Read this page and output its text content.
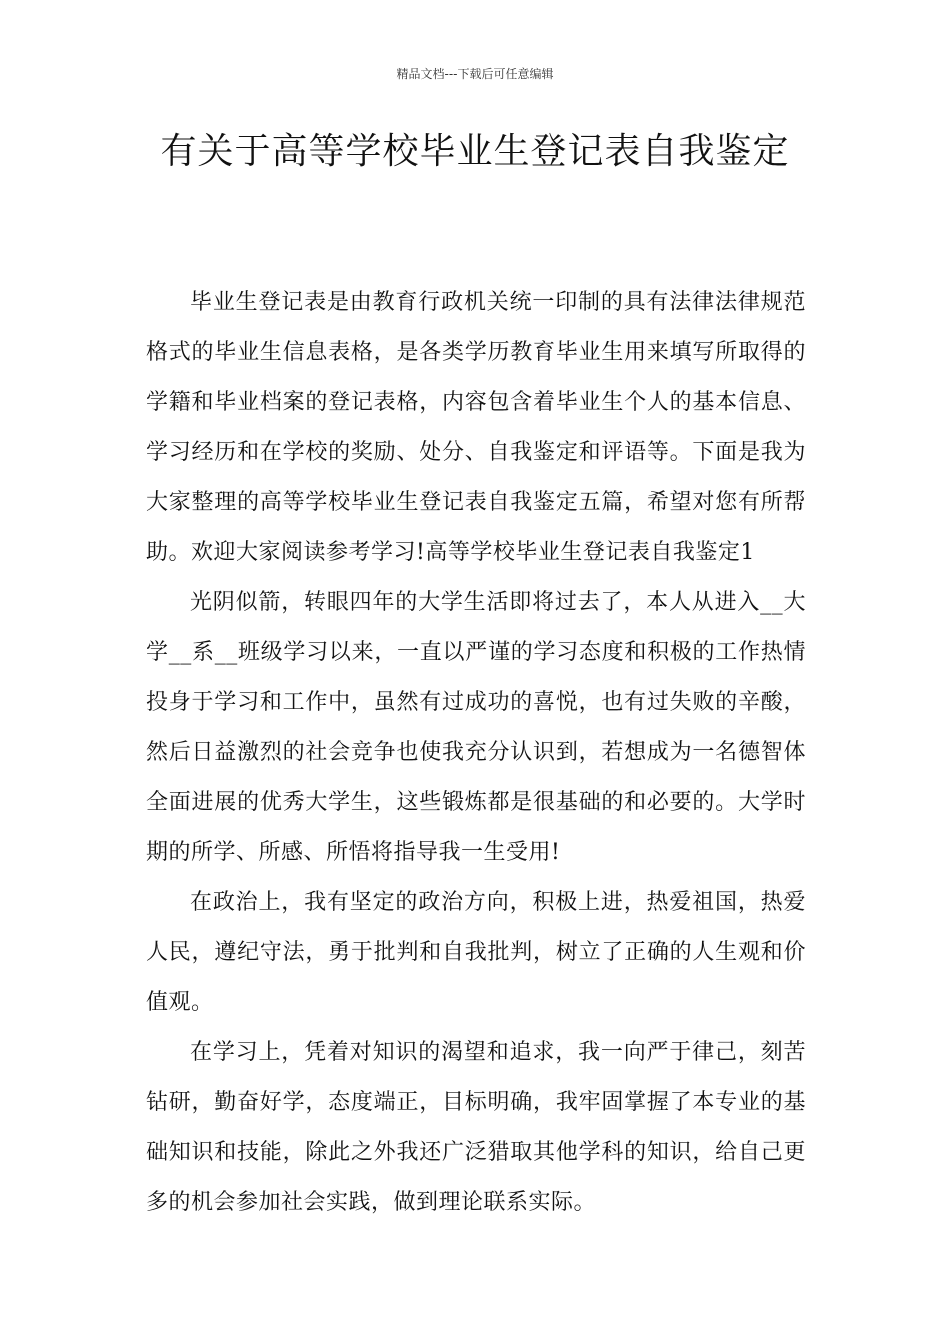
精品文档---下载后可任意编辑
有关于高等学校毕业生登记表自我鉴定

毕业生登记表是由教育行政机关统一印制的具有法律法律规范格式的毕业生信息表格，是各类学历教育毕业生用来填写所取得的学籍和毕业档案的登记表格，内容包含着毕业生个人的基本信息、学习经历和在学校的奖励、处分、自我鉴定和评语等。下面是我为大家整理的高等学校毕业生登记表自我鉴定五篇，希望对您有所帮助。欢迎大家阅读参考学习!高等学校毕业生登记表自我鉴定1

光阴似箭，转眼四年的大学生活即将过去了，本人从进入__大学__系__班级学习以来，一直以严谨的学习态度和积极的工作热情投身于学习和工作中，虽然有过成功的喜悦，也有过失败的辛酸，然后日益激烈的社会竞争也使我充分认识到，若想成为一名德智体全面进展的优秀大学生，这些锻炼都是很基础的和必要的。大学时期的所学、所感、所悟将指导我一生受用!

在政治上，我有坚定的政治方向，积极上进，热爱祖国，热爱人民，遵纪守法，勇于批判和自我批判，树立了正确的人生观和价值观。

在学习上，凭着对知识的渴望和追求，我一向严于律己，刻苦钻研，勤奋好学，态度端正，目标明确，我牢固掌握了本专业的基础知识和技能，除此之外我还广泛猎取其他学科的知识，给自己更多的机会参加社会实践，做到理论联系实际。
